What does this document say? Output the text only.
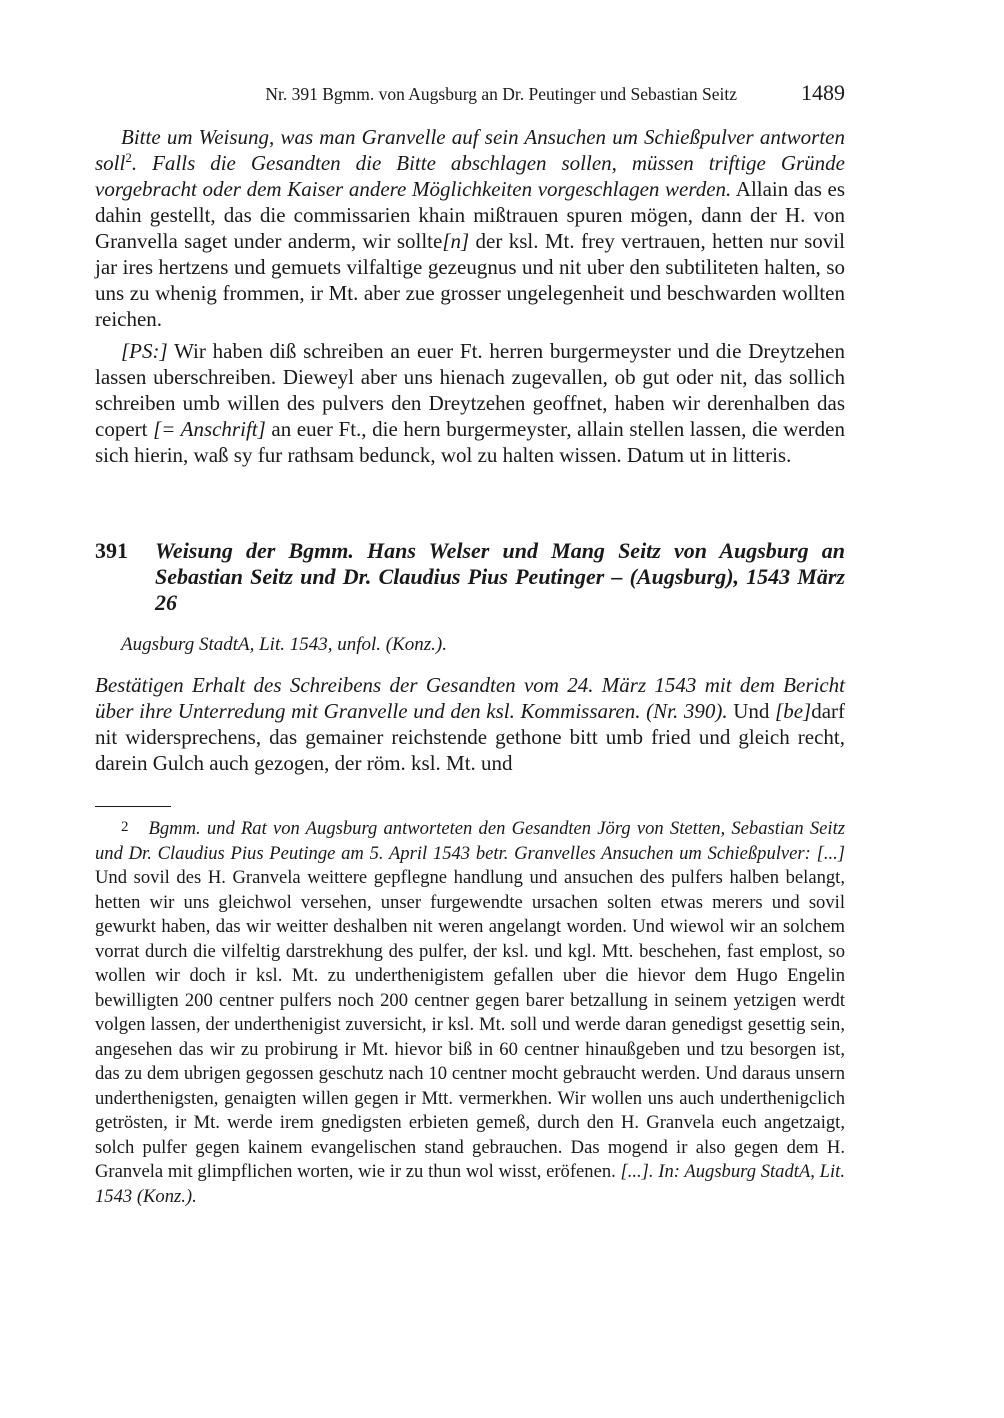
Nr. 391 Bgmm. von Augsburg an Dr. Peutinger und Sebastian Seitz	1489

Bitte um Weisung, was man Granvelle auf sein Ansuchen um Schießpulver antworten soll$^2$. Falls die Gesandten die Bitte abschlagen sollen, müssen triftige Gründe vorgebracht oder dem Kaiser andere Möglichkeiten vorgeschlagen werden. Allain das es dahin gestellt, das die commissarien khain mißtrauen spuren mögen, dann der H. von Granvella saget under anderm, wir sollte[n] der ksl. Mt. frey vertrauen, hetten nur sovil jar ires hertzens und gemuets vilfaltige gezeugnus und nit uber den subtiliteten halten, so uns zu whenig frommen, ir Mt. aber zue grosser ungelegenheit und beschwarden wollten reichen.

[PS:] Wir haben diß schreiben an euer Ft. herren burgermeyster und die Dreytzehen lassen uberschreiben. Dieweyl aber uns hienach zugevallen, ob gut oder nit, das sollich schreiben umb willen des pulvers den Dreytzehen geoffnet, haben wir derenhalben das copert [= Anschrift] an euer Ft., die hern burgermeyster, allain stellen lassen, die werden sich hierin, waß sy fur rathsam bedunck, wol zu halten wissen. Datum ut in litteris.

391 Weisung der Bgmm. Hans Welser und Mang Seitz von Augsburg an Sebastian Seitz und Dr. Claudius Pius Peutinger – (Augsburg), 1543 März 26

Augsburg StadtA, Lit. 1543, unfol. (Konz.).

Bestätigen Erhalt des Schreibens der Gesandten vom 24. März 1543 mit dem Bericht über ihre Unterredung mit Granvelle und den ksl. Kommissaren. (Nr. 390). Und [be]darf nit widersprechens, das gemainer reichstende gethone bitt umb fried und gleich recht, darein Gulch auch gezogen, der röm. ksl. Mt. und

2 Bgmm. und Rat von Augsburg antworteten den Gesandten Jörg von Stetten, Sebastian Seitz und Dr. Claudius Pius Peutinge am 5. April 1543 betr. Granvelles Ansuchen um Schießpulver: [...] Und sovil des H. Granvela weittere gepflegne handlung und ansuchen des pulfers halben belangt, hetten wir uns gleichwol versehen, unser furgewendte ursachen solten etwas merers und sovil gewurkt haben, das wir weitter deshalben nit weren angelangt worden. Und wiewol wir an solchem vorrat durch die vilfeltig darstrekhung des pulfer, der ksl. und kgl. Mtt. beschehen, fast emplost, so wollen wir doch ir ksl. Mt. zu underthenigistem gefallen uber die hievor dem Hugo Engelin bewilligten 200 centner pulfers noch 200 centner gegen barer betzallung in seinem yetzigen werdt volgen lassen, der underthenigist zuversicht, ir ksl. Mt. soll und werde daran genedigst gesettig sein, angesehen das wir zu probirung ir Mt. hievor biß in 60 centner hinaußgeben und tzu besorgen ist, das zu dem ubrigen gegossen geschutz nach 10 centner mocht gebraucht werden. Und daraus unsern underthenigsten, genaigten willen gegen ir Mtt. vermerkhen. Wir wollen uns auch underthenigclich getrösten, ir Mt. werde irem gnedigsten erbieten gemeß, durch den H. Granvela euch angetzaigt, solch pulfer gegen kainem evangelischen stand gebrauchen. Das mogend ir also gegen dem H. Granvela mit glimpflichen worten, wie ir zu thun wol wisst, eröfenen. [...]. In: Augsburg StadtA, Lit. 1543 (Konz.).
